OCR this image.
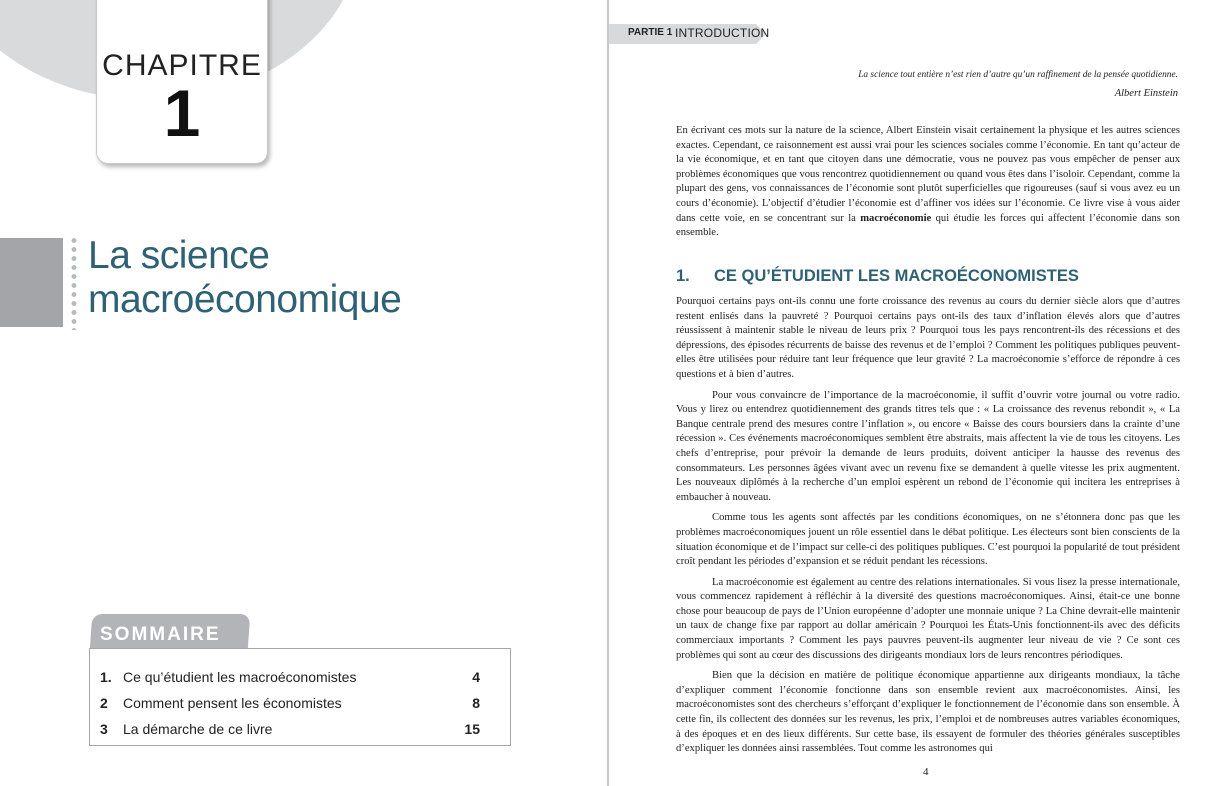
CHAPITRE
1
La science
macroéconomique
SOMMAIRE
1. Ce qu’étudient les macroéconomistes	4
2 Comment pensent les économistes	8
3 La démarche de ce livre	15
PARTIE 1 INTRODUCTION
La science tout entière n’est rien d’autre qu’un raffinement de la pensée quotidienne.
Albert Einstein

En écrivant ces mots sur la nature de la science, Albert Einstein visait certainement la physique et les autres sciences exactes. Cependant, ce raisonnement est aussi vrai pour les sciences sociales comme l’économie. En tant qu’acteur de la vie économique, et en tant que citoyen dans une démocratie, vous ne pouvez pas vous empêcher de penser aux problèmes économiques que vous rencontrez quotidiennement ou quand vous êtes dans l’isoloir. Cependant, comme la plupart des gens, vos connaissances de l’économie sont plutôt superficielles que rigoureuses (sauf si vous avez eu un cours d’économie). L’objectif d’étudier l’économie est d’affiner vos idées sur l’économie. Ce livre vise à vous aider dans cette voie, en se concentrant sur la macroéconomie qui étudie les forces qui affectent l’économie dans son ensemble.

1. CE QU’ÉTUDIENT LES MACROÉCONOMISTES

Pourquoi certains pays ont-ils connu une forte croissance des revenus au cours du dernier siècle alors que d’autres restent enlisés dans la pauvreté ? Pourquoi certains pays ont-ils des taux d’inflation élevés alors que d’autres réussissent à maintenir stable le niveau de leurs prix ? Pourquoi tous les pays rencontrent-ils des récessions et des dépressions, des épisodes récurrents de baisse des revenus et de l’emploi ? Comment les politiques publiques peuvent-elles être utilisées pour réduire tant leur fréquence que leur gravité ? La macroéconomie s’efforce de répondre à ces questions et à bien d’autres.

Pour vous convaincre de l’importance de la macroéconomie, il suffit d’ouvrir votre journal ou votre radio. Vous y lirez ou entendrez quotidiennement des grands titres tels que : « La croissance des revenus rebondit », « La Banque centrale prend des mesures contre l’inflation », ou encore « Baisse des cours boursiers dans la crainte d’une récession ». Ces événements macroéconomiques semblent être abstraits, mais affectent la vie de tous les citoyens. Les chefs d’entreprise, pour prévoir la demande de leurs produits, doivent anticiper la hausse des revenus des consommateurs. Les personnes âgées vivant avec un revenu fixe se demandent à quelle vitesse les prix augmentent. Les nouveaux diplômés à la recherche d’un emploi espèrent un rebond de l’économie qui incitera les entreprises à embaucher à nouveau.

Comme tous les agents sont affectés par les conditions économiques, on ne s’étonnera donc pas que les problèmes macroéconomiques jouent un rôle essentiel dans le débat politique. Les électeurs sont bien conscients de la situation économique et de l’impact sur celle-ci des politiques publiques. C’est pourquoi la popularité de tout président croît pendant les périodes d’expansion et se réduit pendant les récessions.

La macroéconomie est également au centre des relations internationales. Si vous lisez la presse internationale, vous commencez rapidement à réfléchir à la diversité des questions macroéconomiques. Ainsi, était-ce une bonne chose pour beaucoup de pays de l’Union européenne d’adopter une monnaie unique ? La Chine devrait-elle maintenir un taux de change fixe par rapport au dollar américain ? Pourquoi les États-Unis fonctionnent-ils avec des déficits commerciaux importants ? Comment les pays pauvres peuvent-ils augmenter leur niveau de vie ? Ce sont ces problèmes qui sont au cœur des discussions des dirigeants mondiaux lors de leurs rencontres périodiques.

Bien que la décision en matière de politique économique appartienne aux dirigeants mondiaux, la tâche d’expliquer comment l’économie fonctionne dans son ensemble revient aux macroéconomistes. Ainsi, les macroéconomistes sont des chercheurs s’efforçant d’expliquer le fonctionnement de l’économie dans son ensemble. À cette fin, ils collectent des données sur les revenus, les prix, l’emploi et de nombreuses autres variables économiques, à des époques et en des lieux différents. Sur cette base, ils essayent de formuler des théories générales susceptibles d’expliquer les données ainsi rassemblées. Tout comme les astronomes qui

4
